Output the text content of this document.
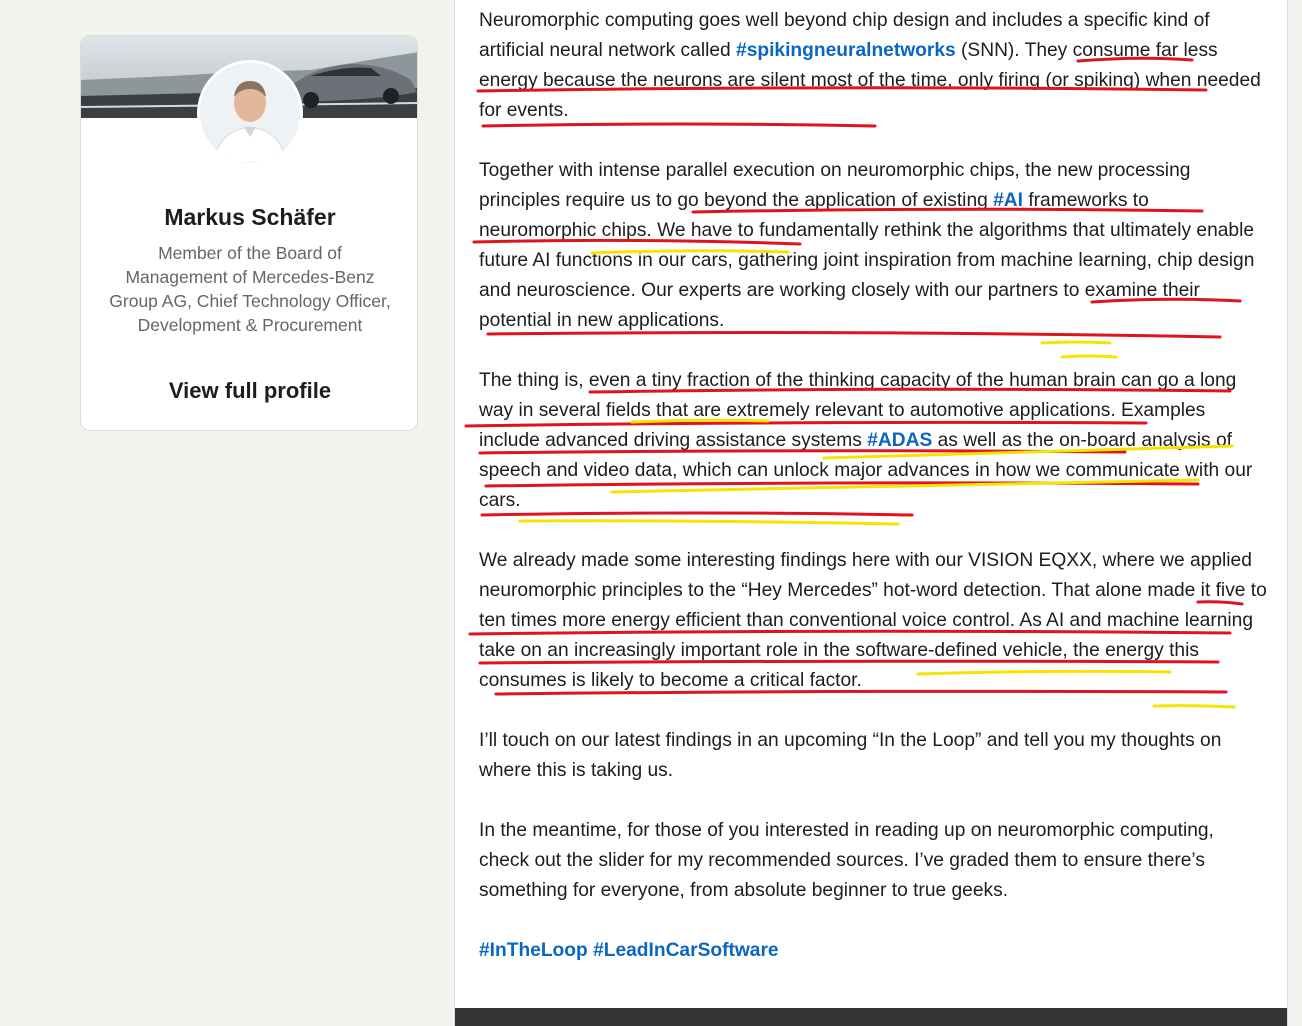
Markus Schäfer
Member of the Board of Management of Mercedes-Benz Group AG, Chief Technology Officer, Development & Procurement
View full profile

Neuromorphic computing goes well beyond chip design and includes a specific kind of artificial neural network called #spikingneuralnetworks (SNN). They consume far less energy because the neurons are silent most of the time, only firing (or spiking) when needed for events.

Together with intense parallel execution on neuromorphic chips, the new processing principles require us to go beyond the application of existing #AI frameworks to neuromorphic chips. We have to fundamentally rethink the algorithms that ultimately enable future AI functions in our cars, gathering joint inspiration from machine learning, chip design and neuroscience. Our experts are working closely with our partners to examine their potential in new applications.

The thing is, even a tiny fraction of the thinking capacity of the human brain can go a long way in several fields that are extremely relevant to automotive applications. Examples include advanced driving assistance systems #ADAS as well as the on-board analysis of speech and video data, which can unlock major advances in how we communicate with our cars.

We already made some interesting findings here with our VISION EQXX, where we applied neuromorphic principles to the “Hey Mercedes” hot-word detection. That alone made it five to ten times more energy efficient than conventional voice control. As AI and machine learning take on an increasingly important role in the software-defined vehicle, the energy this consumes is likely to become a critical factor.

I’ll touch on our latest findings in an upcoming “In the Loop” and tell you my thoughts on where this is taking us.

In the meantime, for those of you interested in reading up on neuromorphic computing, check out the slider for my recommended sources. I’ve graded them to ensure there’s something for everyone, from absolute beginner to true geeks.

#InTheLoop #LeadInCarSoftware
